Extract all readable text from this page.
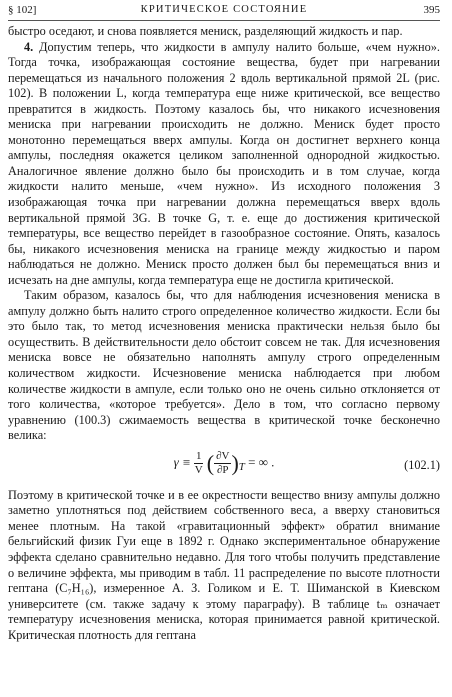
§ 102]	КРИТИЧЕСКОЕ СОСТОЯНИЕ	395

быстро оседают, и снова появляется мениск, разделяющий жидкость и пар.

4. Допустим теперь, что жидкости в ампулу налито больше, «чем нужно». Тогда точка, изображающая состояние вещества, будет при нагревании перемещаться из начального положения 2 вдоль вертикальной прямой 2L (рис. 102). В положении L, когда температура еще ниже критической, все вещество превратится в жидкость. Поэтому казалось бы, что никакого исчезновения мениска при нагревании происходить не должно. Мениск будет просто монотонно перемещаться вверх ампулы. Когда он достигнет верхнего конца ампулы, последняя окажется целиком заполненной однородной жидкостью. Аналогичное явление должно было бы происходить и в том случае, когда жидкости налито меньше, «чем нужно». Из исходного положения 3 изображающая точка при нагревании должна перемещаться вверх вдоль вертикальной прямой 3G. В точке G, т. е. еще до достижения критической температуры, все вещество перейдет в газообразное состояние. Опять, казалось бы, никакого исчезновения мениска на границе между жидкостью и паром наблюдаться не должно. Мениск просто должен был бы перемещаться вниз и исчезать на дне ампулы, когда температура еще не достигла критической.

Таким образом, казалось бы, что для наблюдения исчезновения мениска в ампулу должно быть налито строго определенное количество жидкости. Если бы это было так, то метод исчезновения мениска практически нельзя было бы осуществить. В действительности дело обстоит совсем не так. Для исчезновения мениска вовсе не обязательно наполнять ампулу строго определенным количеством жидкости. Исчезновение мениска наблюдается при любом количестве жидкости в ампуле, если только оно не очень сильно отклоняется от того количества, «которое требуется». Дело в том, что согласно первому уравнению (100.3) сжимаемость вещества в критической точке бесконечно велика:

$\gamma \equiv \frac{1}{V}$ ( $\frac{\partial V}{\partial P} )_T$ = ∞ .	(102.1)

Поэтому в критической точке и в ее окрестности вещество внизу ампулы должно заметно уплотняться под действием собственного веса, а вверху становиться менее плотным. На такой «гравитационный эффект» обратил внимание бельгийский физик Гуи еще в 1892 г. Однако экспериментальное обнаружение эффекта сделано сравнительно недавно. Для того чтобы получить представление о величине эффекта, мы приводим в табл. 11 распределение по высоте плотности гептана (C₇H₁₆), измеренное А. З. Голиком и Е. Т. Шиманской в Киевском университете (см. также задачу к этому параграфу). В таблице tₘ означает температуру исчезновения мениска, которая принимается равной критической. Критическая плотность для гептана
